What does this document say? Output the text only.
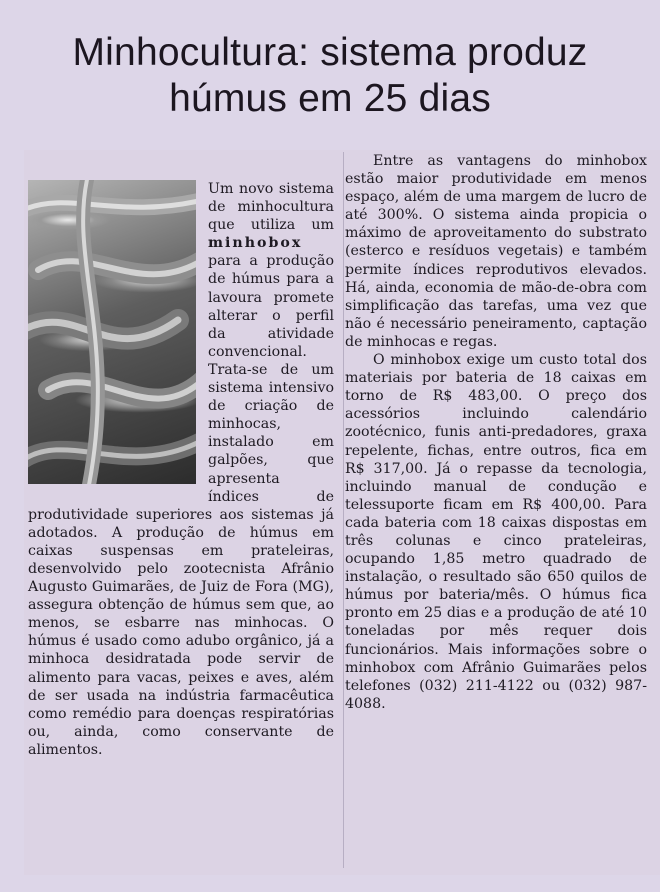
Minhocultura: sistema produz
húmus em 25 dias

Um novo sistema de minhocultura que utiliza um minhobox para a produção de húmus para a lavoura promete alterar o perfil da atividade convencional. Trata-se de um sistema intensivo de criação de minhocas, instalado em galpões, que apresenta índices de produtividade superiores aos sistemas já adotados. A produção de húmus em caixas suspensas em prateleiras, desenvolvido pelo zootecnista Afrânio Augusto Guimarães, de Juiz de Fora (MG), assegura obtenção de húmus sem que, ao menos, se esbarre nas minhocas. O húmus é usado como adubo orgânico, já a minhoca desidratada pode servir de alimento para vacas, peixes e aves, além de ser usada na indústria farmacêutica como remédio para doenças respiratórias ou, ainda, como conservante de alimentos.

Entre as vantagens do minhobox estão maior produtividade em menos espaço, além de uma margem de lucro de até 300%. O sistema ainda propicia o máximo de aproveitamento do substrato (esterco e resíduos vegetais) e também permite índices reprodutivos elevados. Há, ainda, economia de mão-de-obra com simplificação das tarefas, uma vez que não é necessário peneiramento, captação de minhocas e regas.

O minhobox exige um custo total dos materiais por bateria de 18 caixas em torno de R$ 483,00. O preço dos acessórios incluindo calendário zootécnico, funis anti-predadores, graxa repelente, fichas, entre outros, fica em R$ 317,00. Já o repasse da tecnologia, incluindo manual de condução e telessuporte ficam em R$ 400,00. Para cada bateria com 18 caixas dispostas em três colunas e cinco prateleiras, ocupando 1,85 metro quadrado de instalação, o resultado são 650 quilos de húmus por bateria/mês. O húmus fica pronto em 25 dias e a produção de até 10 toneladas por mês requer dois funcionários. Mais informações sobre o minhobox com Afrânio Guimarães pelos telefones (032) 211-4122 ou (032) 987-4088.
